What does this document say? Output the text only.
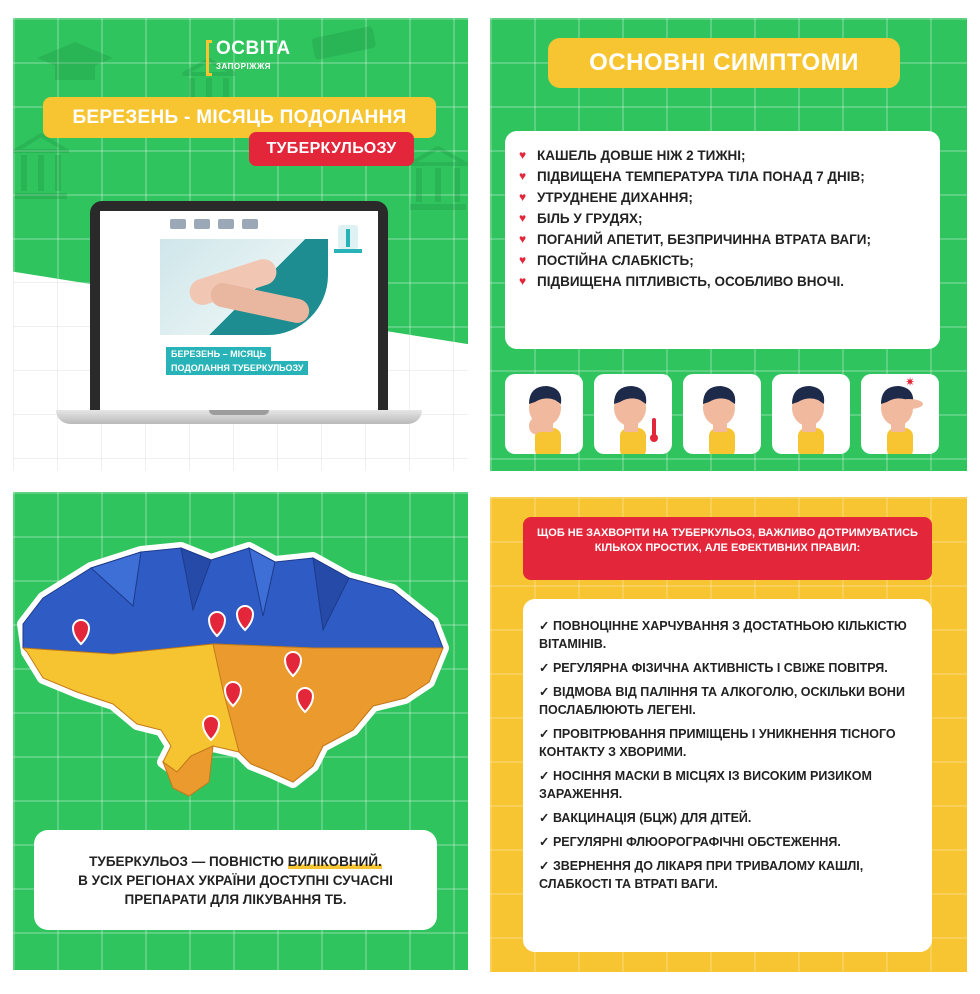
ОСВІТА
ЗАПОРІЖЖЯ
БЕРЕЗЕНЬ - МІСЯЦЬ ПОДОЛАННЯ
ТУБЕРКУЛЬОЗУ
БЕРЕЗЕНЬ – МІСЯЦЬ
ПОДОЛАННЯ ТУБЕРКУЛЬОЗУ
ОСНОВНІ СИМПТОМИ
♥ КАШЕЛЬ ДОВШЕ НІЖ 2 ТИЖНІ;
♥ ПІДВИЩЕНА ТЕМПЕРАТУРА ТІЛА ПОНАД 7 ДНІВ;
♥ УТРУДНЕНЕ ДИХАННЯ;
♥ БІЛЬ У ГРУДЯХ;
♥ ПОГАНИЙ АПЕТИТ, БЕЗПРИЧИННА ВТРАТА ВАГИ;
♥ ПОСТІЙНА СЛАБКІСТЬ;
♥ ПІДВИЩЕНА ПІТЛИВІСТЬ, ОСОБЛИВО ВНОЧІ.
✷
ТУБЕРКУЛЬОЗ — ПОВНІСТЮ ВИЛІКОВНИЙ.
В УСІХ РЕГІОНАХ УКРАЇНИ ДОСТУПНІ СУЧАСНІ
ПРЕПАРАТИ ДЛЯ ЛІКУВАННЯ ТБ.
ЩОБ НЕ ЗАХВОРІТИ НА ТУБЕРКУЛЬОЗ, ВАЖЛИВО ДОТРИМУВАТИСЬ КІЛЬКОХ ПРОСТИХ, АЛЕ ЕФЕКТИВНИХ ПРАВИЛ:
✓ ПОВНОЦІННЕ ХАРЧУВАННЯ З ДОСТАТНЬОЮ КІЛЬКІСТЮ ВІТАМІНІВ.
✓ РЕГУЛЯРНА ФІЗИЧНА АКТИВНІСТЬ І СВІЖЕ ПОВІТРЯ.
✓ ВІДМОВА ВІД ПАЛІННЯ ТА АЛКОГОЛЮ, ОСКІЛЬКИ ВОНИ ПОСЛАБЛЮЮТЬ ЛЕГЕНІ.
✓ ПРОВІТРЮВАННЯ ПРИМІЩЕНЬ І УНИКНЕННЯ ТІСНОГО КОНТАКТУ З ХВОРИМИ.
✓ НОСІННЯ МАСКИ В МІСЦЯХ ІЗ ВИСОКИМ РИЗИКОМ ЗАРАЖЕННЯ.
✓ ВАКЦИНАЦІЯ (БЦЖ) ДЛЯ ДІТЕЙ.
✓ РЕГУЛЯРНІ ФЛЮОРОГРАФІЧНІ ОБСТЕЖЕННЯ.
✓ ЗВЕРНЕННЯ ДО ЛІКАРЯ ПРИ ТРИВАЛОМУ КАШЛІ, СЛАБКОСТІ ТА ВТРАТІ ВАГИ.
